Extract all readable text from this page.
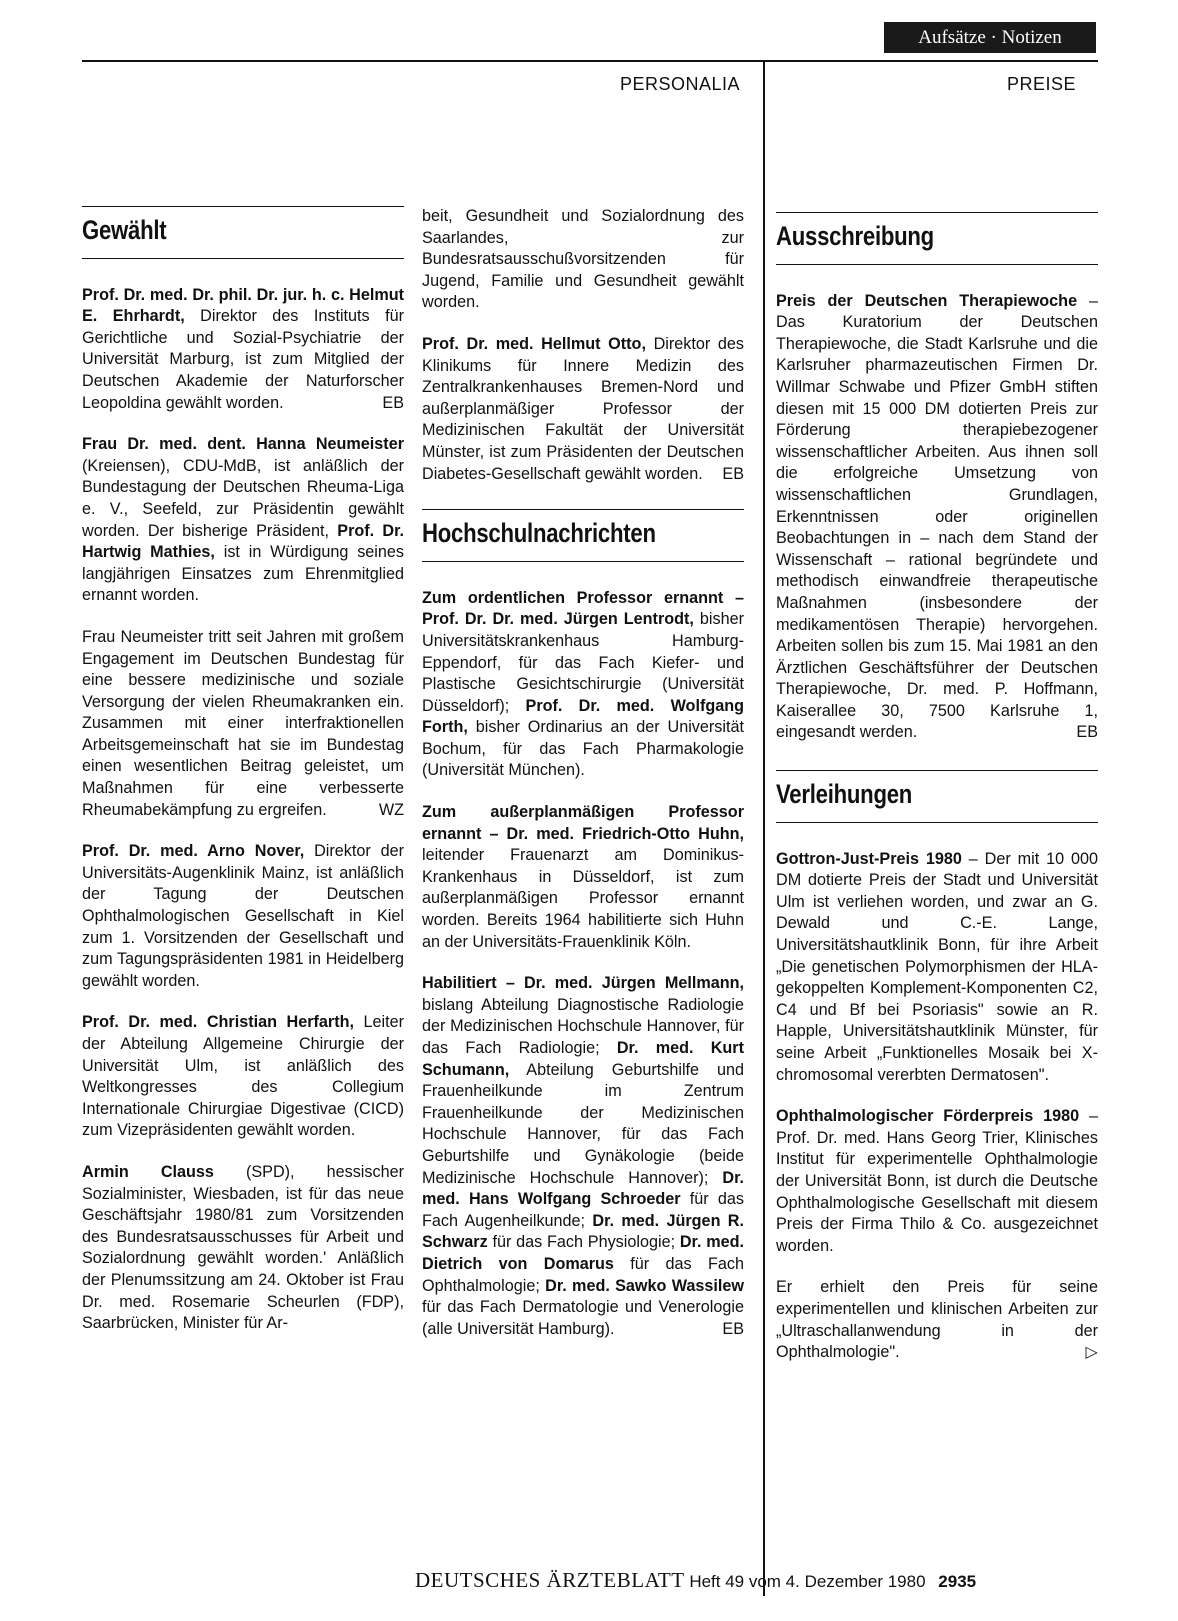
Aufsätze · Notizen
PERSONALIA	PREISE
Gewählt

Prof. Dr. med. Dr. phil. Dr. jur. h. c. Helmut E. Ehrhardt, Direktor des Instituts für Gerichtliche und Sozial-Psychiatrie der Universität Marburg, ist zum Mitglied der Deutschen Akademie der Naturforscher Leopoldina gewählt worden.	EB

Frau Dr. med. dent. Hanna Neumeister (Kreiensen), CDU-MdB, ist anläßlich der Bundestagung der Deutschen Rheuma-Liga e. V., Seefeld, zur Präsidentin gewählt worden. Der bisherige Präsident, Prof. Dr. Hartwig Mathies, ist in Würdigung seines langjährigen Einsatzes zum Ehrenmitglied ernannt worden.

Frau Neumeister tritt seit Jahren mit großem Engagement im Deutschen Bundestag für eine bessere medizinische und soziale Versorgung der vielen Rheumakranken ein. Zusammen mit einer interfraktionellen Arbeitsgemeinschaft hat sie im Bundestag einen wesentlichen Beitrag geleistet, um Maßnahmen für eine verbesserte Rheumabekämpfung zu ergreifen.	WZ

Prof. Dr. med. Arno Nover, Direktor der Universitäts-Augenklinik Mainz, ist anläßlich der Tagung der Deutschen Ophthalmologischen Gesellschaft in Kiel zum 1. Vorsitzenden der Gesellschaft und zum Tagungspräsidenten 1981 in Heidelberg gewählt worden.

Prof. Dr. med. Christian Herfarth, Leiter der Abteilung Allgemeine Chirurgie der Universität Ulm, ist anläßlich des Weltkongresses des Collegium Internationale Chirurgiae Digestivae (CICD) zum Vizepräsidenten gewählt worden.

Armin Clauss (SPD), hessischer Sozialminister, Wiesbaden, ist für das neue Geschäftsjahr 1980/81 zum Vorsitzenden des Bundesratsausschusses für Arbeit und Sozialordnung gewählt worden.' Anläßlich der Plenumssitzung am 24. Oktober ist Frau Dr. med. Rosemarie Scheurlen (FDP), Saarbrücken, Minister für Ar-

beit, Gesundheit und Sozialordnung des Saarlandes, zur Bundesratsausschußvorsitzenden für Jugend, Familie und Gesundheit gewählt worden.

Prof. Dr. med. Hellmut Otto, Direktor des Klinikums für Innere Medizin des Zentralkrankenhauses Bremen-Nord und außerplanmäßiger Professor der Medizinischen Fakultät der Universität Münster, ist zum Präsidenten der Deutschen Diabetes-Gesellschaft gewählt worden. EB

Hochschulnachrichten

Zum ordentlichen Professor ernannt – Prof. Dr. Dr. med. Jürgen Lentrodt, bisher Universitätskrankenhaus Hamburg-Eppendorf, für das Fach Kiefer- und Plastische Gesichtschirurgie (Universität Düsseldorf); Prof. Dr. med. Wolfgang Forth, bisher Ordinarius an der Universität Bochum, für das Fach Pharmakologie (Universität München).

Zum außerplanmäßigen Professor ernannt – Dr. med. Friedrich-Otto Huhn, leitender Frauenarzt am Dominikus-Krankenhaus in Düsseldorf, ist zum außerplanmäßigen Professor ernannt worden. Bereits 1964 habilitierte sich Huhn an der Universitäts-Frauenklinik Köln.

Habilitiert – Dr. med. Jürgen Mellmann, bislang Abteilung Diagnostische Radiologie der Medizinischen Hochschule Hannover, für das Fach Radiologie; Dr. med. Kurt Schumann, Abteilung Geburtshilfe und Frauenheilkunde im Zentrum Frauenheilkunde der Medizinischen Hochschule Hannover, für das Fach Geburtshilfe und Gynäkologie (beide Medizinische Hochschule Hannover); Dr. med. Hans Wolfgang Schroeder für das Fach Augenheilkunde; Dr. med. Jürgen R. Schwarz für das Fach Physiologie; Dr. med. Dietrich von Domarus für das Fach Ophthalmologie; Dr. med. Sawko Wassilew für das Fach Dermatologie und Venerologie (alle Universität Hamburg).	EB

Ausschreibung

Preis der Deutschen Therapiewoche – Das Kuratorium der Deutschen Therapiewoche, die Stadt Karlsruhe und die Karlsruher pharmazeutischen Firmen Dr. Willmar Schwabe und Pfizer GmbH stiften diesen mit 15 000 DM dotierten Preis zur Förderung therapiebezogener wissenschaftlicher Arbeiten. Aus ihnen soll die erfolgreiche Umsetzung von wissenschaftlichen Grundlagen, Erkenntnissen oder originellen Beobachtungen in – nach dem Stand der Wissenschaft – rational begründete und methodisch einwandfreie therapeutische Maßnahmen (insbesondere der medikamentösen Therapie) hervorgehen. Arbeiten sollen bis zum 15. Mai 1981 an den Ärztlichen Geschäftsführer der Deutschen Therapiewoche, Dr. med. P. Hoffmann, Kaiserallee 30, 7500 Karlsruhe 1, eingesandt werden.	EB

Verleihungen

Gottron-Just-Preis 1980 – Der mit 10 000 DM dotierte Preis der Stadt und Universität Ulm ist verliehen worden, und zwar an G. Dewald und C.-E. Lange, Universitätshautklinik Bonn, für ihre Arbeit „Die genetischen Polymorphismen der HLA-gekoppelten Komplement-Komponenten C2, C4 und Bf bei Psoriasis" sowie an R. Happle, Universitätshautklinik Münster, für seine Arbeit „Funktionelles Mosaik bei X-chromosomal vererbten Dermatosen".

Ophthalmologischer Förderpreis 1980 – Prof. Dr. med. Hans Georg Trier, Klinisches Institut für experimentelle Ophthalmologie der Universität Bonn, ist durch die Deutsche Ophthalmologische Gesellschaft mit diesem Preis der Firma Thilo & Co. ausgezeichnet worden.

Er erhielt den Preis für seine experimentellen und klinischen Arbeiten zur „Ultraschallanwendung in der Ophthalmologie".	▷

DEUTSCHES ÄRZTEBLATT Heft 49 vom 4. Dezember 1980 2935
